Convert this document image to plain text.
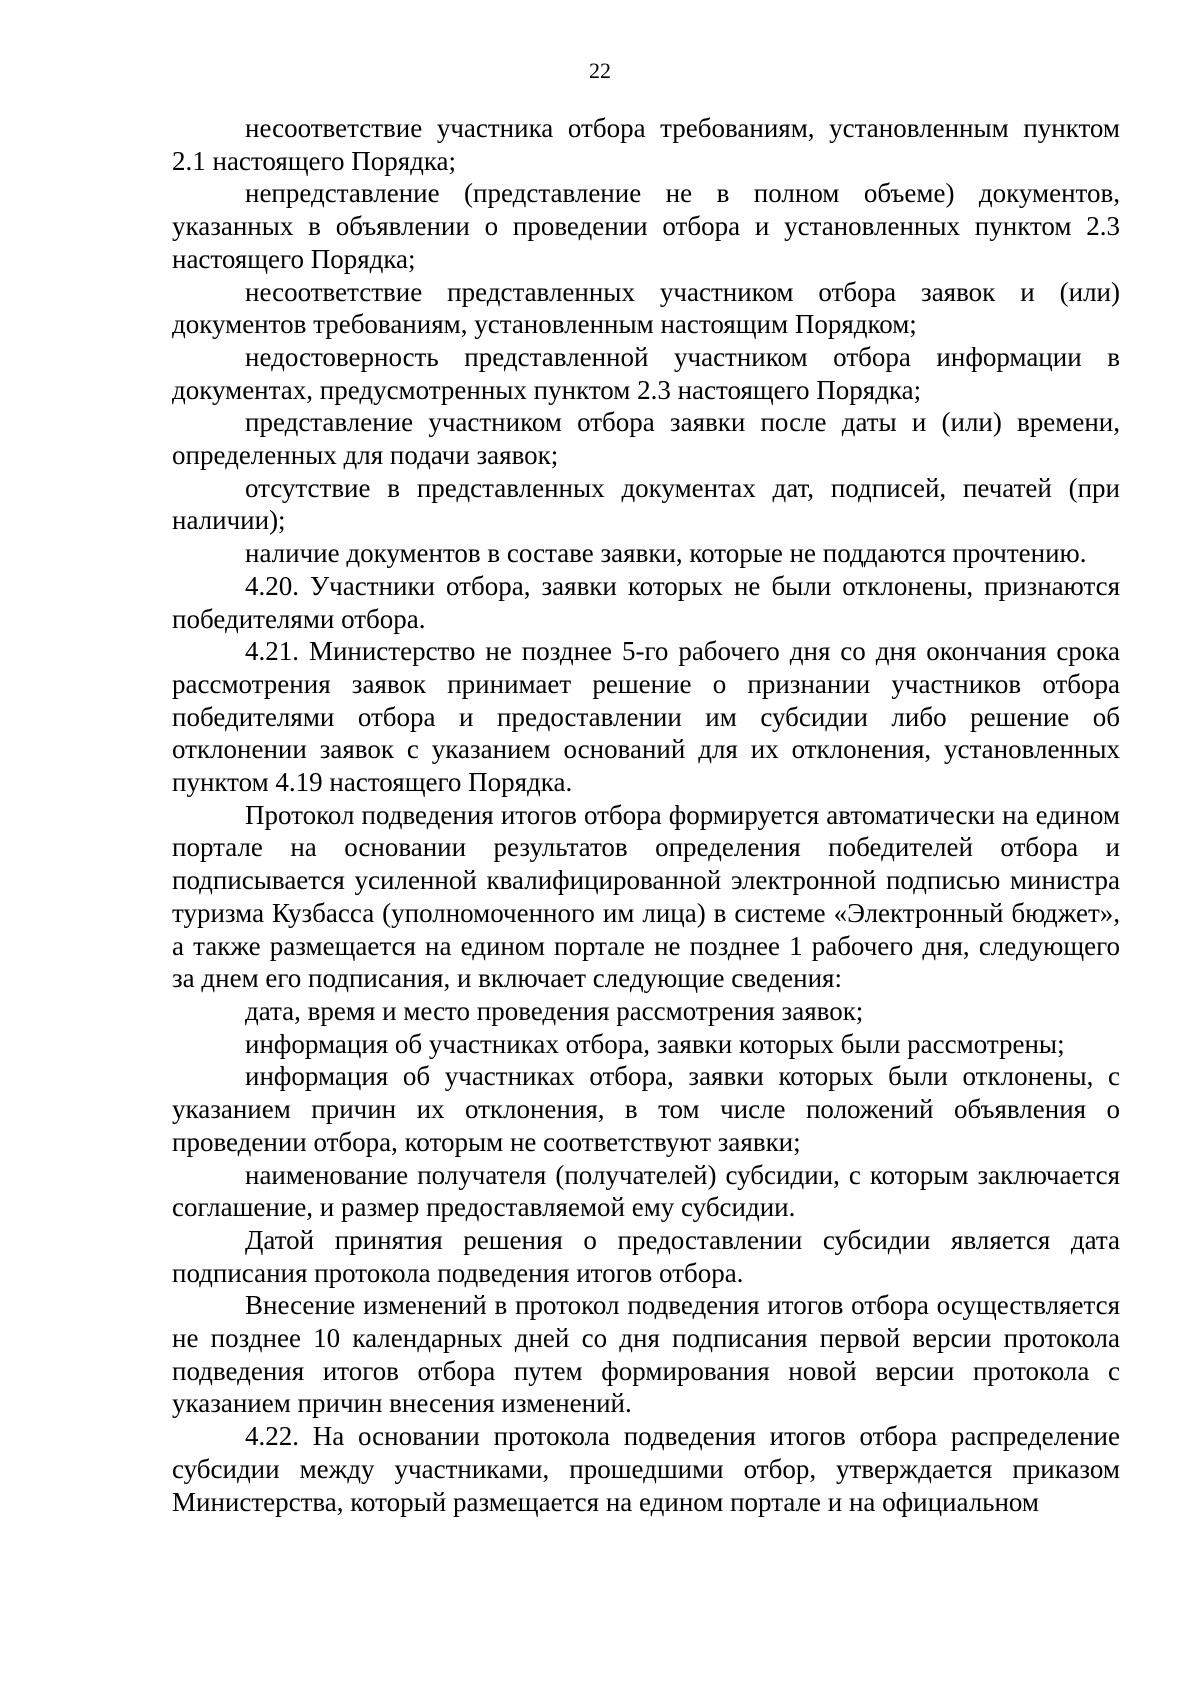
22

несоответствие участника отбора требованиям, установленным пунктом 2.1 настоящего Порядка;

непредставление (представление не в полном объеме) документов, указанных в объявлении о проведении отбора и установленных пунктом 2.3 настоящего Порядка;

несоответствие представленных участником отбора заявок и (или) документов требованиям, установленным настоящим Порядком;

недостоверность представленной участником отбора информации в документах, предусмотренных пунктом 2.3 настоящего Порядка;

представление участником отбора заявки после даты и (или) времени, определенных для подачи заявок;

отсутствие в представленных документах дат, подписей, печатей (при наличии);

наличие документов в составе заявки, которые не поддаются прочтению.

4.20. Участники отбора, заявки которых не были отклонены, признаются победителями отбора.

4.21. Министерство не позднее 5-го рабочего дня со дня окончания срока рассмотрения заявок принимает решение о признании участников отбора победителями отбора и предоставлении им субсидии либо решение об отклонении заявок с указанием оснований для их отклонения, установленных пунктом 4.19 настоящего Порядка.

Протокол подведения итогов отбора формируется автоматически на едином портале на основании результатов определения победителей отбора и подписывается усиленной квалифицированной электронной подписью министра туризма Кузбасса (уполномоченного им лица) в системе «Электронный бюджет», а также размещается на едином портале не позднее 1 рабочего дня, следующего за днем его подписания, и включает следующие сведения:

дата, время и место проведения рассмотрения заявок;

информация об участниках отбора, заявки которых были рассмотрены;

информация об участниках отбора, заявки которых были отклонены, с указанием причин их отклонения, в том числе положений объявления о проведении отбора, которым не соответствуют заявки;

наименование получателя (получателей) субсидии, с которым заключается соглашение, и размер предоставляемой ему субсидии.

Датой принятия решения о предоставлении субсидии является дата подписания протокола подведения итогов отбора.

Внесение изменений в протокол подведения итогов отбора осуществляется не позднее 10 календарных дней со дня подписания первой версии протокола подведения итогов отбора путем формирования новой версии протокола с указанием причин внесения изменений.

4.22. На основании протокола подведения итогов отбора распределение субсидии между участниками, прошедшими отбор, утверждается приказом Министерства, который размещается на едином портале и на официальном
